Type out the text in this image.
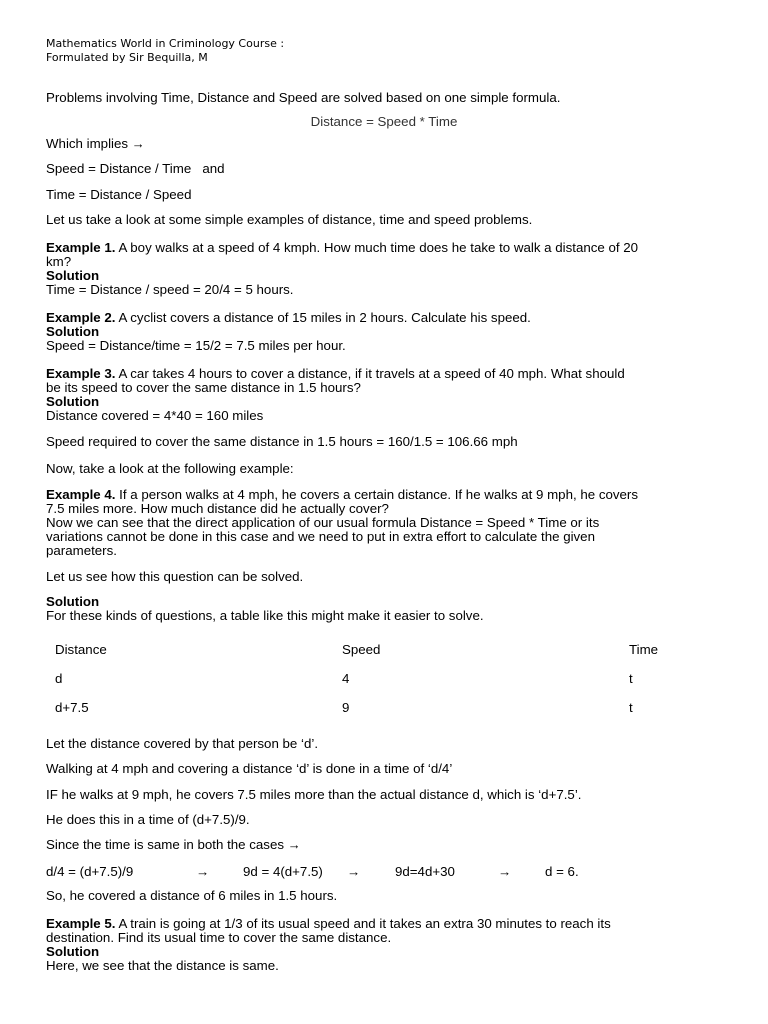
Mathematics World in Criminology Course :
Formulated by Sir Bequilla, M

Problems involving Time, Distance and Speed are solved based on one simple formula.

Distance = Speed * Time

Which implies →

Speed = Distance / Time and

Time = Distance / Speed

Let us take a look at some simple examples of distance, time and speed problems.

Example 1. A boy walks at a speed of 4 kmph. How much time does he take to walk a distance of 20

km?

Solution

Time = Distance / speed = 20/4 = 5 hours.

Example 2. A cyclist covers a distance of 15 miles in 2 hours. Calculate his speed.

Solution

Speed = Distance/time = 15/2 = 7.5 miles per hour.

Example 3. A car takes 4 hours to cover a distance, if it travels at a speed of 40 mph. What should

be its speed to cover the same distance in 1.5 hours?

Solution

Distance covered = 4*40 = 160 miles

Speed required to cover the same distance in 1.5 hours = 160/1.5 = 106.66 mph

Now, take a look at the following example:

Example 4. If a person walks at 4 mph, he covers a certain distance. If he walks at 9 mph, he covers

7.5 miles more. How much distance did he actually cover?

Now we can see that the direct application of our usual formula Distance = Speed * Time or its

variations cannot be done in this case and we need to put in extra effort to calculate the given

parameters.

Let us see how this question can be solved.

Solution

For these kinds of questions, a table like this might make it easier to solve.

Distance	Speed	Time
d	4	t
d+7.5	9	t

Let the distance covered by that person be ‘d’.

Walking at 4 mph and covering a distance ‘d’ is done in a time of ‘d/4’

IF he walks at 9 mph, he covers 7.5 miles more than the actual distance d, which is ‘d+7.5’.

He does this in a time of (d+7.5)/9.

Since the time is same in both the cases →

d/4 = (d+7.5)/9	→	9d = 4(d+7.5) →	9d=4d+30	→	d = 6.

So, he covered a distance of 6 miles in 1.5 hours.

Example 5. A train is going at 1/3 of its usual speed and it takes an extra 30 minutes to reach its

destination. Find its usual time to cover the same distance.

Solution

Here, we see that the distance is same.
